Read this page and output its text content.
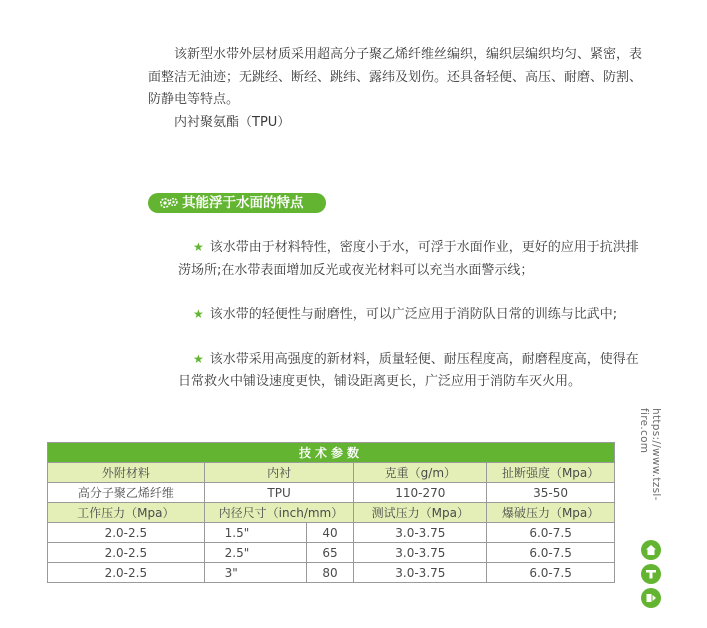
该新型水带外层材质采用超高分子聚乙烯纤维丝编织，编织层编织均匀、紧密，表面整洁无油迹；无跳经、断经、跳纬、露纬及划伤。还具备轻便、高压、耐磨、防割、防静电等特点。

内衬聚氨酯（TPU）

其能浮于水面的特点

★ 该水带由于材料特性，密度小于水，可浮于水面作业，更好的应用于抗洪排涝场所;在水带表面增加反光或夜光材料可以充当水面警示线；

★ 该水带的轻便性与耐磨性，可以广泛应用于消防队日常的训练与比武中;

★ 该水带采用高强度的新材料，质量轻便、耐压程度高，耐磨程度高，使得在日常救火中铺设速度更快，铺设距离更长，广泛应用于消防车灭火用。

技术参数				
外附材料	内衬		克重（g/m）	扯断强度（Mpa）
高分子聚乙烯纤维	TPU		110-270	35-50
工作压力（Mpa）	内径尺寸（inch/mm）		测试压力（Mpa）	爆破压力（Mpa）
2.0-2.5	1.5"	40	3.0-3.75	6.0-7.5
2.0-2.5	2.5"	65	3.0-3.75	6.0-7.5
2.0-2.5	3"	80	3.0-3.75	6.0-7.5
https://www.tzsl-fire.com
